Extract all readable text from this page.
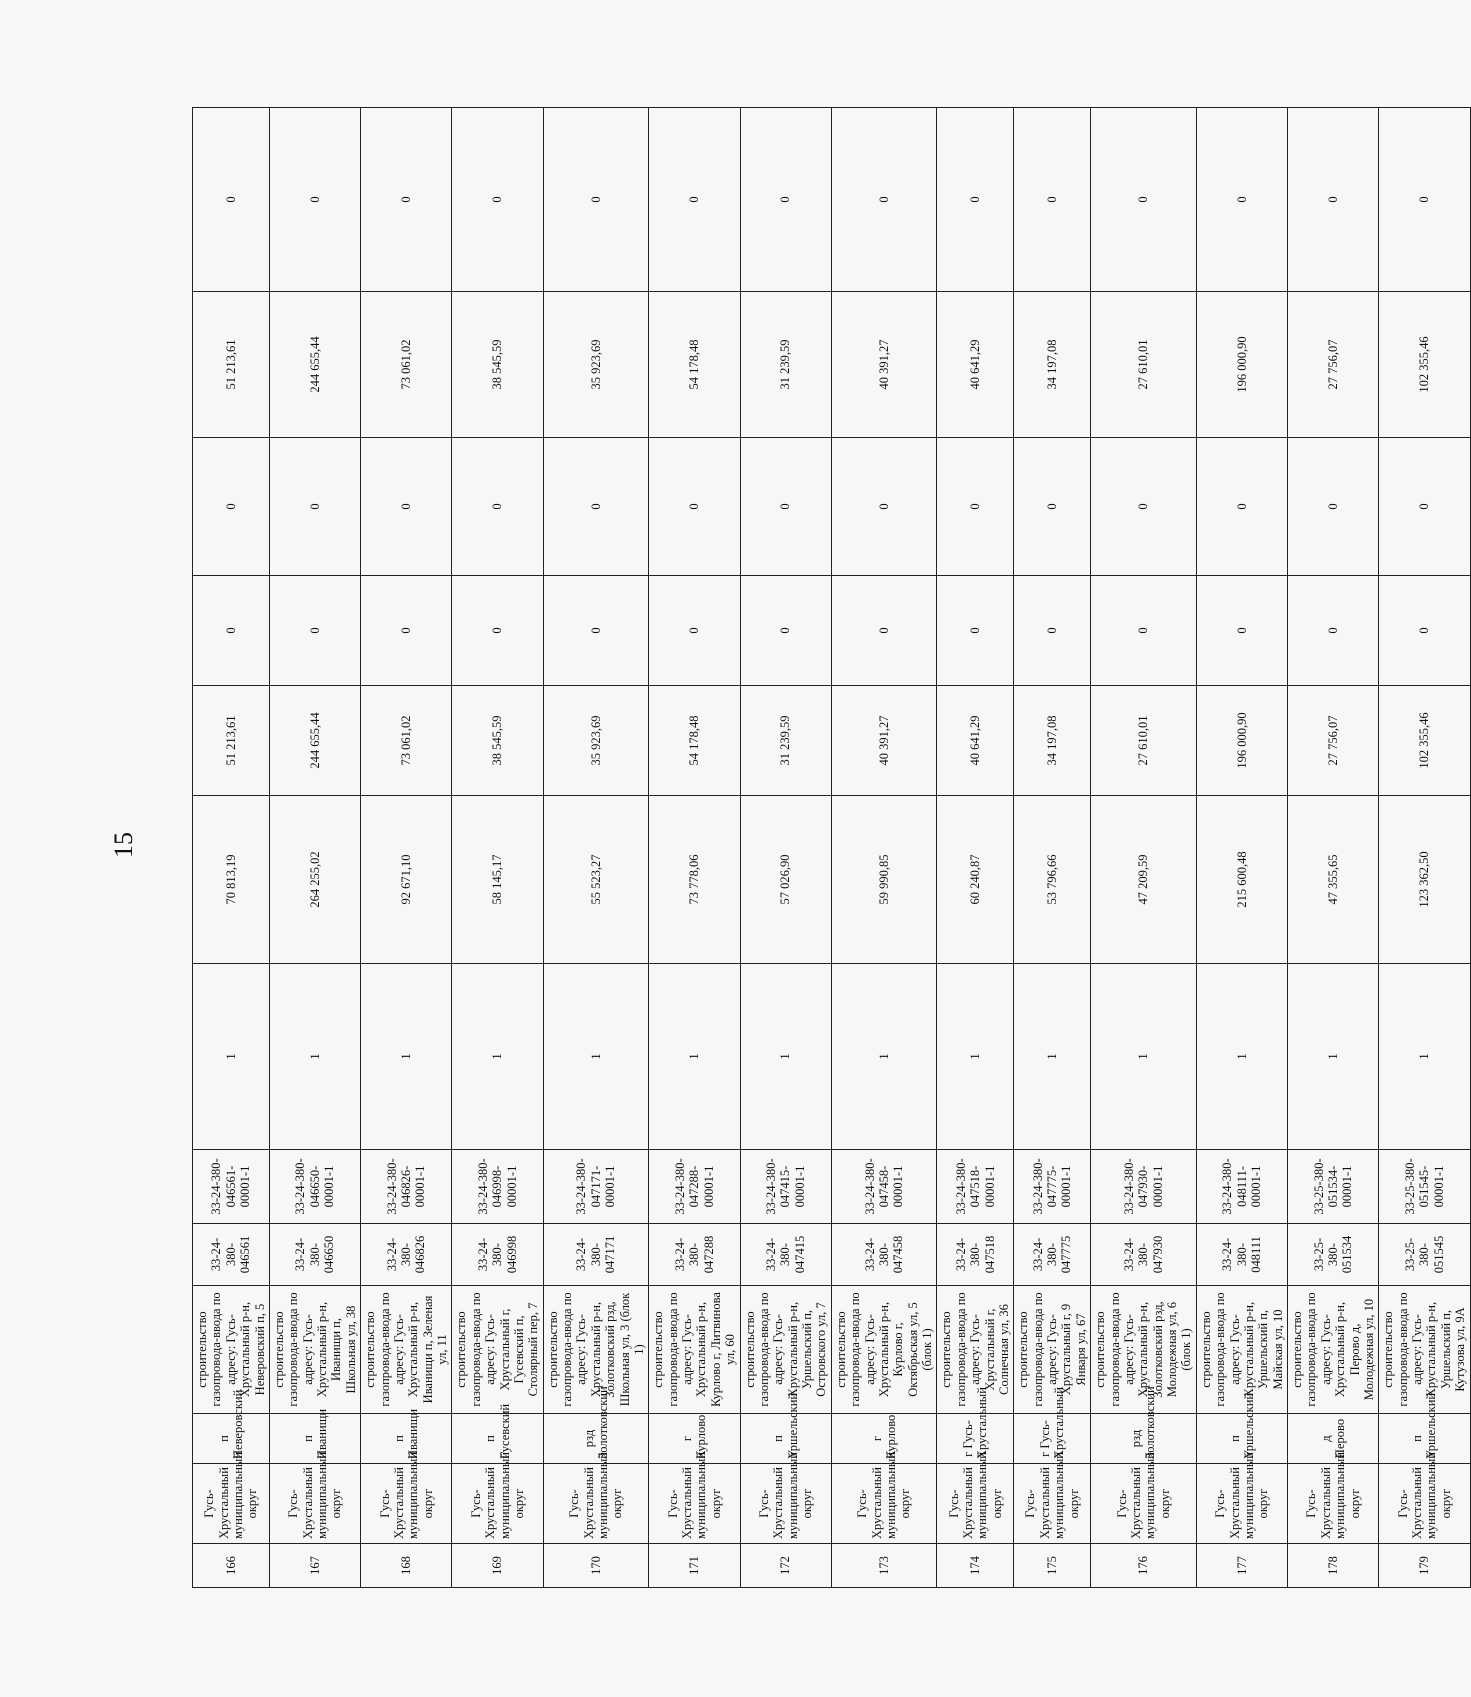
15
166	Гусь-Хрустальный муниципальный округ	п Неверовский	строительство газопровода-ввода по адресу: Гусь-Хрустальный р-н, Неверовский п, 5	33-24-380-046561	33-24-380-046561-00001-1	1	70 813,19	51 213,61	0	0	51 213,61	0
167	Гусь-Хрустальный муниципальный округ	п Иванищи	строительство газопровода-ввода по адресу: Гусь-Хрустальный р-н, Иванищи п, Школьная ул, 38	33-24-380-046650	33-24-380-046650-00001-1	1	264 255,02	244 655,44	0	0	244 655,44	0
168	Гусь-Хрустальный муниципальный округ	п Иванищи	строительство газопровода-ввода по адресу: Гусь-Хрустальный р-н, Иванищи п, Зеленая ул, 11	33-24-380-046826	33-24-380-046826-00001-1	1	92 671,10	73 061,02	0	0	73 061,02	0
169	Гусь-Хрустальный муниципальный округ	п Гусевский	строительство газопровода-ввода по адресу: Гусь-Хрустальный г, Гусевский п, Столярный пер, 7	33-24-380-046998	33-24-380-046998-00001-1	1	58 145,17	38 545,59	0	0	38 545,59	0
170	Гусь-Хрустальный муниципальный округ	рзд Золотковский	строительство газопровода-ввода по адресу: Гусь-Хрустальный р-н, Золотковский рзд, Школьная ул, 3 (блок 1)	33-24-380-047171	33-24-380-047171-00001-1	1	55 523,27	35 923,69	0	0	35 923,69	0
171	Гусь-Хрустальный муниципальный округ	г Курлово	строительство газопровода-ввода по адресу: Гусь-Хрустальный р-н, Курлово г, Литвинова ул, 60	33-24-380-047288	33-24-380-047288-00001-1	1	73 778,06	54 178,48	0	0	54 178,48	0
172	Гусь-Хрустальный муниципальный округ	п Уршельский	строительство газопровода-ввода по адресу: Гусь-Хрустальный р-н, Уршельский п, Островского ул, 7	33-24-380-047415	33-24-380-047415-00001-1	1	57 026,90	31 239,59	0	0	31 239,59	0
173	Гусь-Хрустальный муниципальный округ	г Курлово	строительство газопровода-ввода по адресу: Гусь-Хрустальный р-н, Курлово г, Октябрьская ул, 5 (блок 1)	33-24-380-047458	33-24-380-047458-00001-1	1	59 990,85	40 391,27	0	0	40 391,27	0
174	Гусь-Хрустальный муниципальный округ	г Гусь-Хрустальный	строительство газопровода-ввода по адресу: Гусь-Хрустальный г, Солнечная ул, 36	33-24-380-047518	33-24-380-047518-00001-1	1	60 240,87	40 641,29	0	0	40 641,29	0
175	Гусь-Хрустальный муниципальный округ	г Гусь-Хрустальный	строительство газопровода-ввода по адресу: Гусь-Хрустальный г, 9 Января ул, 67	33-24-380-047775	33-24-380-047775-00001-1	1	53 796,66	34 197,08	0	0	34 197,08	0
176	Гусь-Хрустальный муниципальный округ	рзд Золотковский	строительство газопровода-ввода по адресу: Гусь-Хрустальный р-н, Золотковский рзд, Молодежная ул, 6 (блок 1)	33-24-380-047930	33-24-380-047930-00001-1	1	47 209,59	27 610,01	0	0	27 610,01	0
177	Гусь-Хрустальный муниципальный округ	п Уршельский	строительство газопровода-ввода по адресу: Гусь-Хрустальный р-н, Уршельский п, Майская ул, 10	33-24-380-048111	33-24-380-048111-00001-1	1	215 600,48	196 000,90	0	0	196 000,90	0
178	Гусь-Хрустальный муниципальный округ	д Перово	строительство газопровода-ввода по адресу: Гусь-Хрустальный р-н, Перово д, Молодежная ул, 10	33-25-380-051534	33-25-380-051534-00001-1	1	47 355,65	27 756,07	0	0	27 756,07	0
179	Гусь-Хрустальный муниципальный округ	п Уршельский	строительство газопровода-ввода по адресу: Гусь-Хрустальный р-н, Уршельский п, Кутузова ул, 9А	33-25-380-051545	33-25-380-051545-00001-1	1	123 362,50	102 355,46	0	0	102 355,46	0
